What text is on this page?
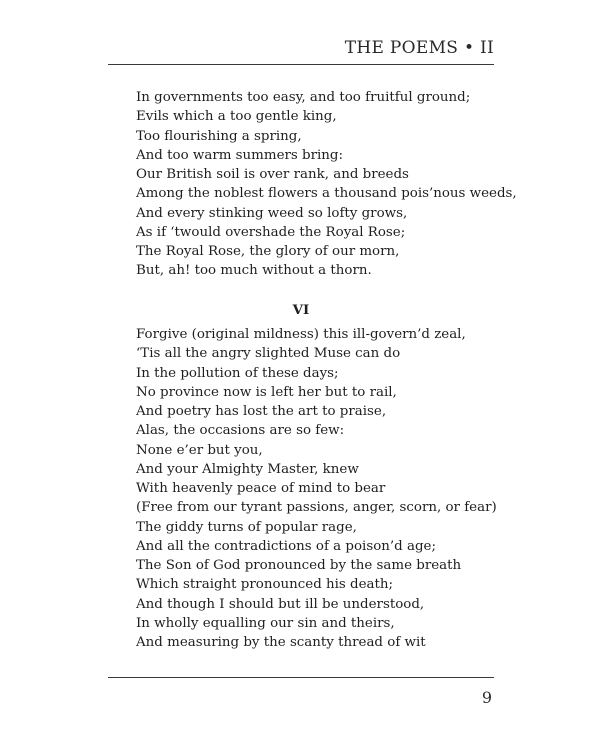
THE POEMS • II
In governments too easy, and too fruitful ground;
Evils which a too gentle king,
Too flourishing a spring,
And too warm summers bring:
Our British soil is over rank, and breeds
Among the noblest flowers a thousand pois’nous weeds,
And every stinking weed so lofty grows,
As if ‘twould overshade the Royal Rose;
The Royal Rose, the glory of our morn,
But, ah! too much without a thorn.
VI
Forgive (original mildness) this ill-govern’d zeal,
‘Tis all the angry slighted Muse can do
In the pollution of these days;
No province now is left her but to rail,
And poetry has lost the art to praise,
Alas, the occasions are so few:
None e’er but you,
And your Almighty Master, knew
With heavenly peace of mind to bear
(Free from our tyrant passions, anger, scorn, or fear)
The giddy turns of popular rage,
And all the contradictions of a poison’d age;
The Son of God pronounced by the same breath
Which straight pronounced his death;
And though I should but ill be understood,
In wholly equalling our sin and theirs,
And measuring by the scanty thread of wit
9
